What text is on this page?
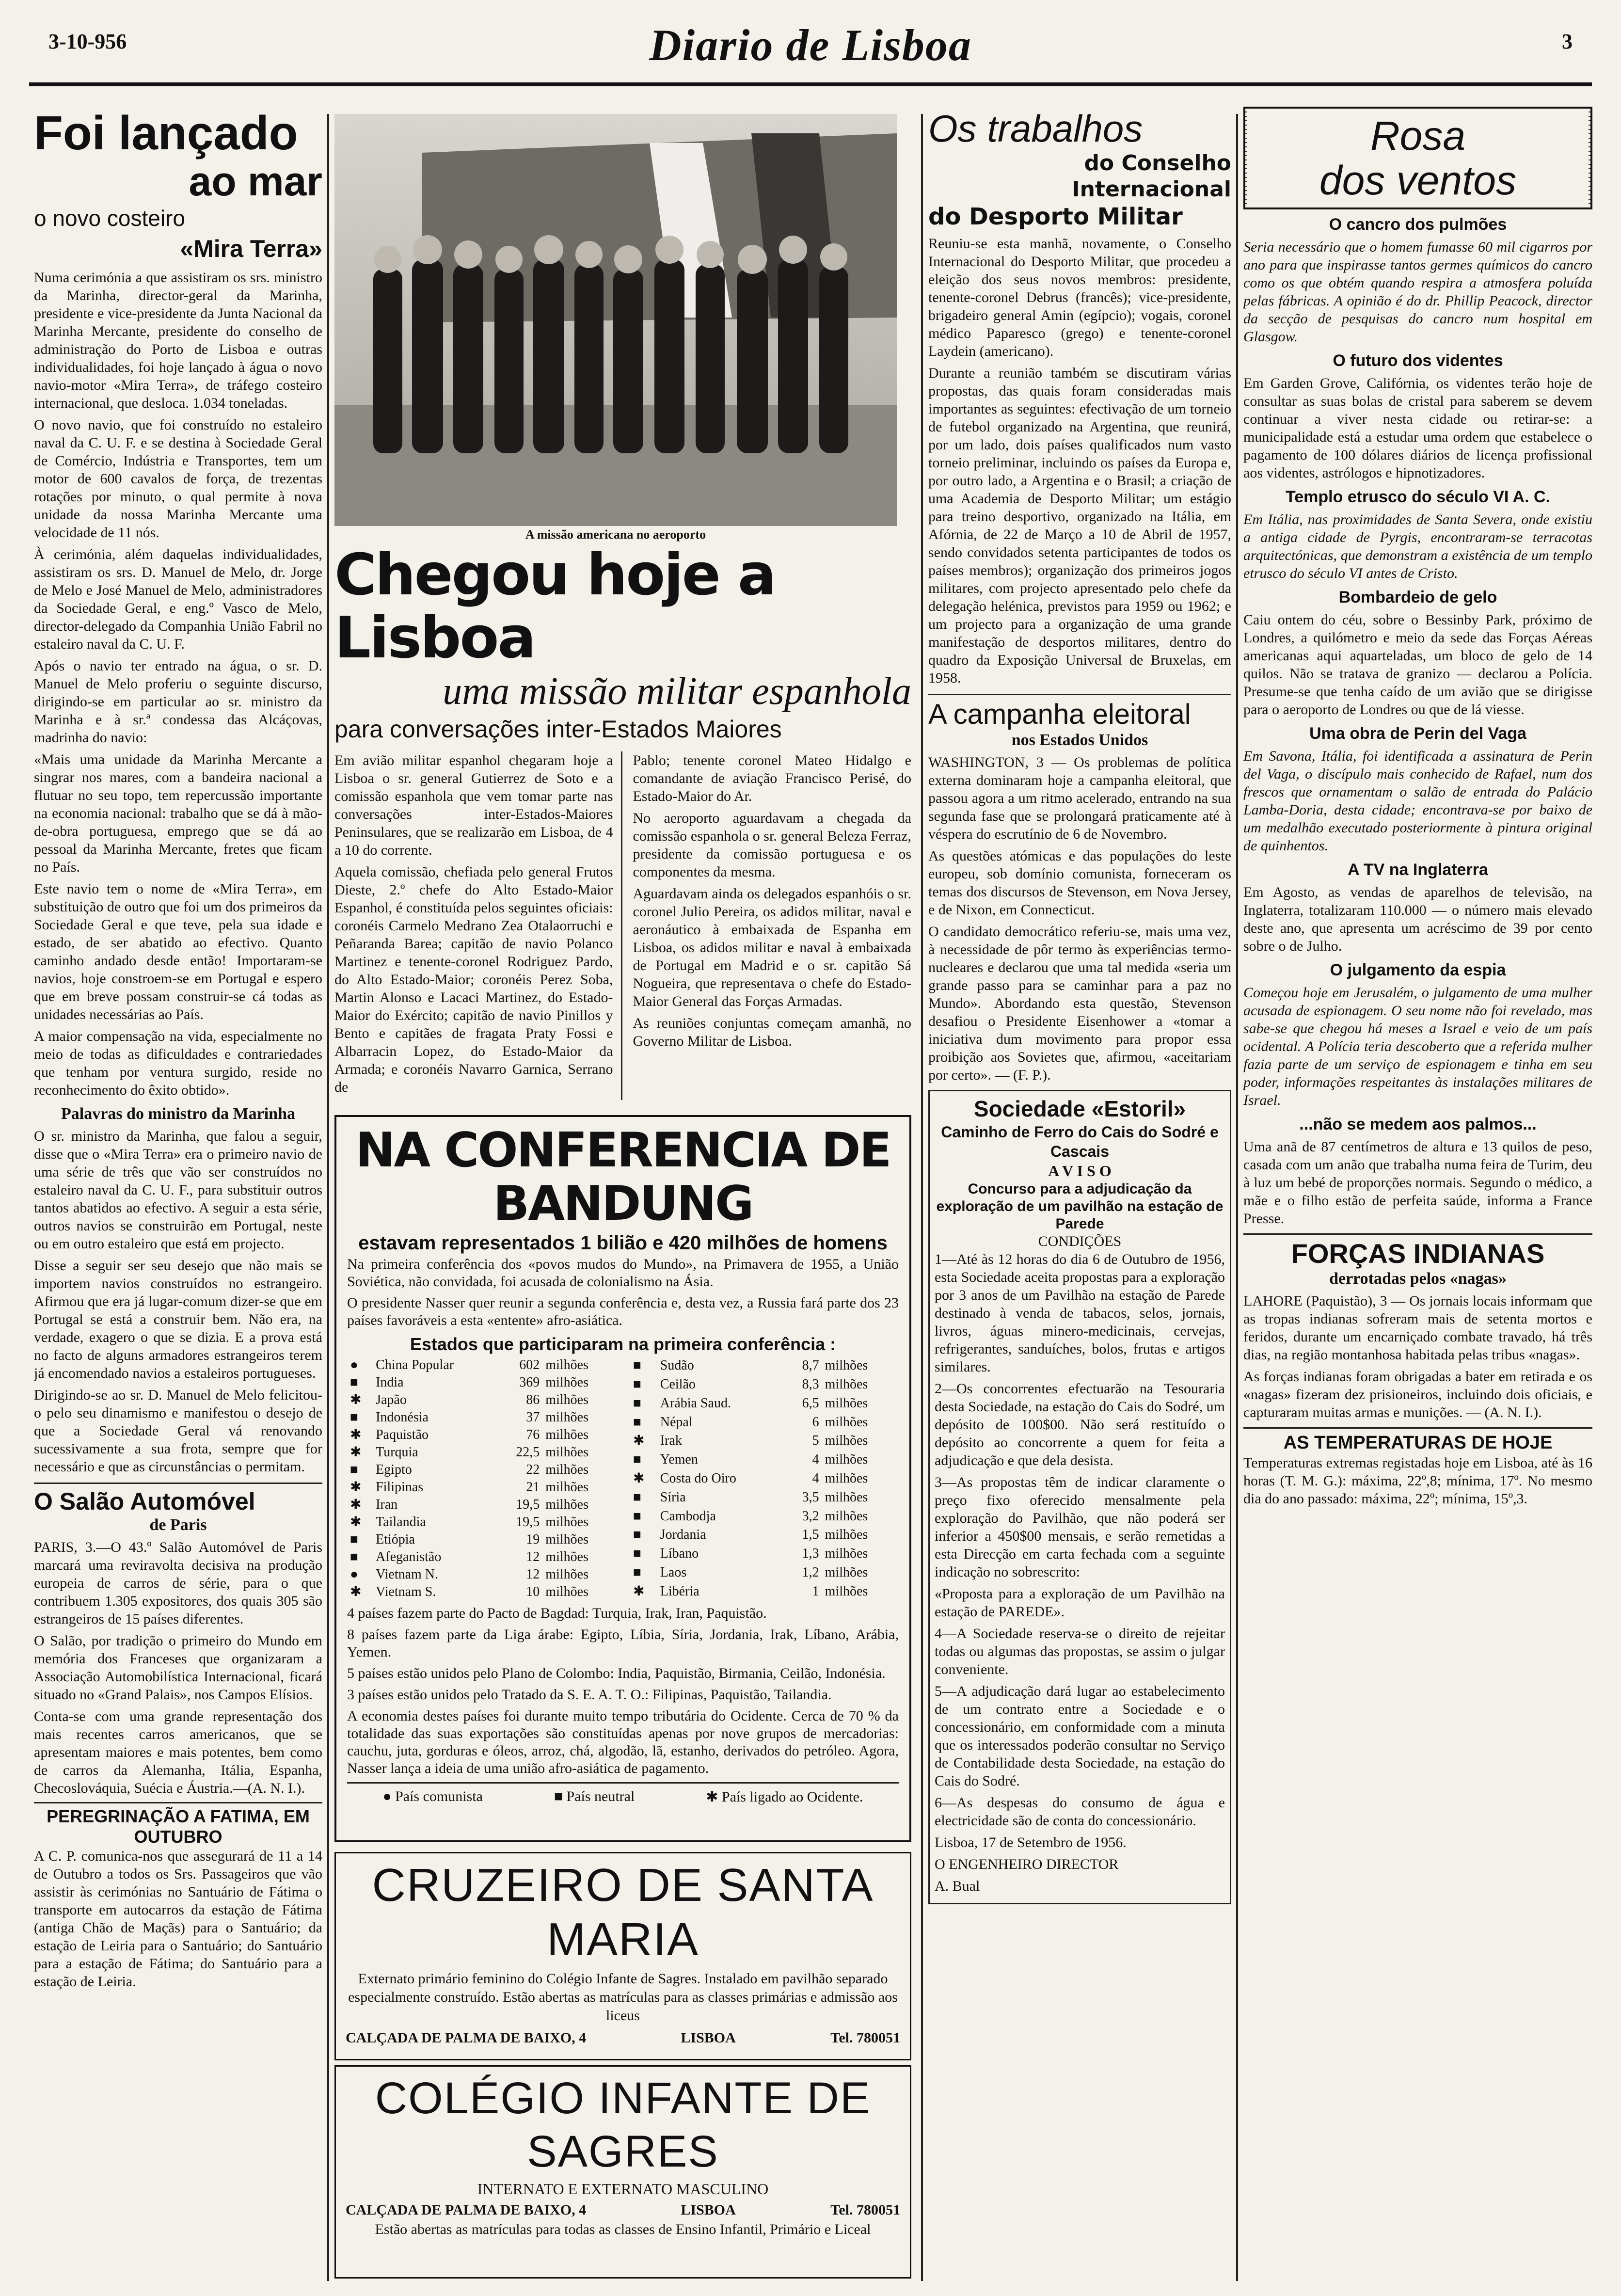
3-10-956	Diario de Lisboa	3
Foi lançado
ao mar
o novo costeiro
«Mira Terra»

Numa cerimónia a que assistiram os srs. ministro da Marinha, director-geral da Marinha, presidente e vice-presidente da Junta Nacional da Marinha Mercante, presidente do conselho de administração do Porto de Lisboa e outras individualidades, foi hoje lançado à água o novo navio-motor «Mira Terra», de tráfego costeiro internacional, que desloca. 1.034 toneladas.

O novo navio, que foi construído no estaleiro naval da C. U. F. e se destina à Sociedade Geral de Comércio, Indústria e Transportes, tem um motor de 600 cavalos de força, de trezentas rotações por minuto, o qual permite à nova unidade da nossa Marinha Mercante uma velocidade de 11 nós.

À cerimónia, além daquelas individualidades, assistiram os srs. D. Manuel de Melo, dr. Jorge de Melo e José Manuel de Melo, administradores da Sociedade Geral, e eng.º Vasco de Melo, director-delegado da Companhia União Fabril no estaleiro naval da C. U. F.

Após o navio ter entrado na água, o sr. D. Manuel de Melo proferiu o seguinte discurso, dirigindo-se em particular ao sr. ministro da Marinha e à sr.ª condessa das Alcáçovas, madrinha do navio:

«Mais uma unidade da Marinha Mercante a singrar nos mares, com a bandeira nacional a flutuar no seu topo, tem repercussão importante na economia nacional: trabalho que se dá à mão-de-obra portuguesa, emprego que se dá ao pessoal da Marinha Mercante, fretes que ficam no País.

Este navio tem o nome de «Mira Terra», em substituição de outro que foi um dos primeiros da Sociedade Geral e que teve, pela sua idade e estado, de ser abatido ao efectivo. Quanto caminho andado desde então! Importaram-se navios, hoje constroem-se em Portugal e espero que em breve possam construir-se cá todas as unidades necessárias ao País.

A maior compensação na vida, especialmente no meio de todas as dificuldades e contrariedades que tenham por ventura surgido, reside no reconhecimento do êxito obtido».

Palavras do ministro da Marinha

O sr. ministro da Marinha, que falou a seguir, disse que o «Mira Terra» era o primeiro navio de uma série de três que vão ser construídos no estaleiro naval da C. U. F., para substituir outros tantos abatidos ao efectivo. A seguir a esta série, outros navios se construirão em Portugal, neste ou em outro estaleiro que está em projecto.

Disse a seguir ser seu desejo que não mais se importem navios construídos no estrangeiro. Afirmou que era já lugar-comum dizer-se que em Portugal se está a construir bem. Não era, na verdade, exagero o que se dizia. E a prova está no facto de alguns armadores estrangeiros terem já encomendado navios a estaleiros portugueses.

Dirigindo-se ao sr. D. Manuel de Melo felicitou-o pelo seu dinamismo e manifestou o desejo de que a Sociedade Geral vá renovando sucessivamente a sua frota, sempre que for necessário e que as circunstâncias o permitam.

O Salão Automóvel
de Paris

PARIS, 3.—O 43.º Salão Automóvel de Paris marcará uma reviravolta decisiva na produção europeia de carros de série, para o que contribuem 1.305 expositores, dos quais 305 são estrangeiros de 15 países diferentes.

O Salão, por tradição o primeiro do Mundo em memória dos Franceses que organizaram a Associação Automobilística Internacional, ficará situado no «Grand Palais», nos Campos Elísios.

Conta-se com uma grande representação dos mais recentes carros americanos, que se apresentam maiores e mais potentes, bem como de carros da Alemanha, Itália, Espanha, Checoslováquia, Suécia e Áustria.—(A. N. I.).

PEREGRINAÇÃO A FATIMA, EM OUTUBRO
A C. P. comunica-nos que assegurará de 11 a 14 de Outubro a todos os Srs. Passageiros que vão assistir às cerimónias no Santuário de Fátima o transporte em autocarros da estação de Fátima (antiga Chão de Maçãs) para o Santuário; da estação de Leiria para o Santuário; do Santuário para a estação de Fátima; do Santuário para a estação de Leiria.
A missão americana no aeroporto
Chegou hoje a Lisboa
uma missão militar espanhola
para conversações inter-Estados Maiores

Em avião militar espanhol chegaram hoje a Lisboa o sr. general Gutierrez de Soto e a comissão espanhola que vem tomar parte nas conversações inter-Estados-Maiores Peninsulares, que se realizarão em Lisboa, de 4 a 10 do corrente.

Aquela comissão, chefiada pelo general Frutos Dieste, 2.º chefe do Alto Estado-Maior Espanhol, é constituída pelos seguintes oficiais: coronéis Carmelo Medrano Zea Otalaorruchi e Peñaranda Barea; capitão de navio Polanco Martinez e tenente-coronel Rodriguez Pardo, do Alto Estado-Maior; coronéis Perez Soba, Martin Alonso e Lacaci Martinez, do Estado-Maior do Exército; capitão de navio Pinillos y Bento e capitães de fragata Praty Fossi e Albarracin Lopez, do Estado-Maior da Armada; e coronéis Navarro Garnica, Serrano de

Pablo; tenente coronel Mateo Hidalgo e comandante de aviação Francisco Perisé, do Estado-Maior do Ar.

No aeroporto aguardavam a chegada da comissão espanhola o sr. general Beleza Ferraz, presidente da comissão portuguesa e os componentes da mesma.

Aguardavam ainda os delegados espanhóis o sr. coronel Julio Pereira, os adidos militar, naval e aeronáutico à embaixada de Espanha em Lisboa, os adidos militar e naval à embaixada de Portugal em Madrid e o sr. capitão Sá Nogueira, que representava o chefe do Estado-Maior General das Forças Armadas.

As reuniões conjuntas começam amanhã, no Governo Militar de Lisboa.

NA CONFERENCIA DE BANDUNG
estavam representados 1 bilião e 420 milhões de homens

Na primeira conferência dos «povos mudos do Mundo», na Primavera de 1955, a União Soviética, não convidada, foi acusada de colonialismo na Ásia.

O presidente Nasser quer reunir a segunda conferência e, desta vez, a Russia fará parte dos 23 países favoráveis a esta «entente» afro-asiática.

Estados que participaram na primeira conferência :
●	China Popular	602	milhões
■	India	369	milhões
✱	Japão	86	milhões
■	Indonésia	37	milhões
✱	Paquistão	76	milhões
✱	Turquia	22,5	milhões
■	Egipto	22	milhões
✱	Filipinas	21	milhões
✱	Iran	19,5	milhões
✱	Tailandia	19,5	milhões
■	Etiópia	19	milhões
■	Afeganistão	12	milhões
●	Vietnam N.	12	milhões
✱	Vietnam S.	10	milhões
■	Sudão	8,7	milhões
■	Ceilão	8,3	milhões
■	Arábia Saud.	6,5	milhões
■	Népal	6	milhões
✱	Irak	5	milhões
■	Yemen	4	milhões
✱	Costa do Oiro	4	milhões
■	Síria	3,5	milhões
■	Cambodja	3,2	milhões
■	Jordania	1,5	milhões
■	Líbano	1,3	milhões
■	Laos	1,2	milhões
✱	Libéria	1	milhões

4 países fazem parte do Pacto de Bagdad: Turquia, Irak, Iran, Paquistão.

8 países fazem parte da Liga árabe: Egipto, Líbia, Síria, Jordania, Irak, Líbano, Arábia, Yemen.

5 países estão unidos pelo Plano de Colombo: India, Paquistão, Birmania, Ceilão, Indonésia.

3 países estão unidos pelo Tratado da S. E. A. T. O.: Filipinas, Paquistão, Tailandia.

A economia destes países foi durante muito tempo tributária do Ocidente. Cerca de 70 % da totalidade das suas exportações são constituídas apenas por nove grupos de mercadorias: cauchu, juta, gorduras e óleos, arroz, chá, algodão, lã, estanho, derivados do petróleo. Agora, Nasser lança a ideia de uma união afro-asiática de pagamento.

● País comunista	■ País neutral	✱ País ligado ao Ocidente.
CRUZEIRO DE SANTA MARIA
Externato primário feminino do Colégio Infante de Sagres. Instalado em pavilhão separado especialmente construído. Estão abertas as matrículas para as classes primárias e admissão aos liceus
CALÇADA DE PALMA DE BAIXO, 4	LISBOA	Tel. 780051
COLÉGIO INFANTE DE SAGRES
INTERNATO E EXTERNATO MASCULINO
CALÇADA DE PALMA DE BAIXO, 4	LISBOA	Tel. 780051
Estão abertas as matrículas para todas as classes de Ensino Infantil, Primário e Liceal
Os trabalhos
do Conselho Internacional
do Desporto Militar

Reuniu-se esta manhã, novamente, o Conselho Internacional do Desporto Militar, que procedeu a eleição dos seus novos membros: presidente, tenente-coronel Debrus (francês); vice-presidente, brigadeiro general Amin (egípcio); vogais, coronel médico Paparesco (grego) e tenente-coronel Laydein (americano).

Durante a reunião também se discutiram várias propostas, das quais foram consideradas mais importantes as seguintes: efectivação de um torneio de futebol organizado na Argentina, que reunirá, por um lado, dois países qualificados num vasto torneio preliminar, incluindo os países da Europa e, por outro lado, a Argentina e o Brasil; a criação de uma Academia de Desporto Militar; um estágio para treino desportivo, organizado na Itália, em Afórnia, de 22 de Março a 10 de Abril de 1957, sendo convidados setenta participantes de todos os países membros); organização dos primeiros jogos militares, com projecto apresentado pelo chefe da delegação helénica, previstos para 1959 ou 1962; e um projecto para a organização de uma grande manifestação de desportos militares, dentro do quadro da Exposição Universal de Bruxelas, em 1958.

A campanha eleitoral
nos Estados Unidos

WASHINGTON, 3 — Os problemas de política externa dominaram hoje a campanha eleitoral, que passou agora a um ritmo acelerado, entrando na sua segunda fase que se prolongará praticamente até à véspera do escrutínio de 6 de Novembro.

As questões atómicas e das populações do leste europeu, sob domínio comunista, forneceram os temas dos discursos de Stevenson, em Nova Jersey, e de Nixon, em Connecticut.

O candidato democrático referiu-se, mais uma vez, à necessidade de pôr termo às experiências termo-nucleares e declarou que uma tal medida «seria um grande passo para se caminhar para a paz no Mundo». Abordando esta questão, Stevenson desafiou o Presidente Eisenhower a «tomar a iniciativa dum movimento para propor essa proibição aos Sovietes que, afirmou, «aceitariam por certo». — (F. P.).

Sociedade «Estoril»
Caminho de Ferro do Cais do Sodré e Cascais
A V I S O
Concurso para a adjudicação da exploração de um pavilhão na estação de Parede
CONDIÇÕES

1—Até às 12 horas do dia 6 de Outubro de 1956, esta Sociedade aceita propostas para a exploração por 3 anos de um Pavilhão na estação de Parede destinado à venda de tabacos, selos, jornais, livros, águas minero-medicinais, cervejas, refrigerantes, sanduíches, bolos, frutas e artigos similares.

2—Os concorrentes efectuarão na Tesouraria desta Sociedade, na estação do Cais do Sodré, um depósito de 100$00. Não será restituído o depósito ao concorrente a quem for feita a adjudicação e que dela desista.

3—As propostas têm de indicar claramente o preço fixo oferecido mensalmente pela exploração do Pavilhão, que não poderá ser inferior a 450$00 mensais, e serão remetidas a esta Direcção em carta fechada com a seguinte indicação no sobrescrito:

«Proposta para a exploração de um Pavilhão na estação de PAREDE».

4—A Sociedade reserva-se o direito de rejeitar todas ou algumas das propostas, se assim o julgar conveniente.

5—A adjudicação dará lugar ao estabelecimento de um contrato entre a Sociedade e o concessionário, em conformidade com a minuta que os interessados poderão consultar no Serviço de Contabilidade desta Sociedade, na estação do Cais do Sodré.

6—As despesas do consumo de água e electricidade são de conta do concessionário.

Lisboa, 17 de Setembro de 1956.

O ENGENHEIRO DIRECTOR

A. Bual

Rosa
dos ventos
O cancro dos pulmões

Seria necessário que o homem fumasse 60 mil cigarros por ano para que inspirasse tantos germes químicos do cancro como os que obtém quando respira a atmosfera poluída pelas fábricas. A opinião é do dr. Phillip Peacock, director da secção de pesquisas do cancro num hospital em Glasgow.

O futuro dos videntes

Em Garden Grove, Califórnia, os videntes terão hoje de consultar as suas bolas de cristal para saberem se devem continuar a viver nesta cidade ou retirar-se: a municipalidade está a estudar uma ordem que estabelece o pagamento de 100 dólares diários de licença profissional aos videntes, astrólogos e hipnotizadores.

Templo etrusco do século VI A. C.

Em Itália, nas proximidades de Santa Severa, onde existiu a antiga cidade de Pyrgis, encontraram-se terracotas arquitectónicas, que demonstram a existência de um templo etrusco do século VI antes de Cristo.

Bombardeio de gelo

Caiu ontem do céu, sobre o Bessinby Park, próximo de Londres, a quilómetro e meio da sede das Forças Aéreas americanas aqui aquarteladas, um bloco de gelo de 14 quilos. Não se tratava de granizo — declarou a Polícia. Presume-se que tenha caído de um avião que se dirigisse para o aeroporto de Londres ou que de lá viesse.

Uma obra de Perin del Vaga

Em Savona, Itália, foi identificada a assinatura de Perin del Vaga, o discípulo mais conhecido de Rafael, num dos frescos que ornamentam o salão de entrada do Palácio Lamba-Doria, desta cidade; encontrava-se por baixo de um medalhão executado posteriormente à pintura original de quinhentos.

A TV na Inglaterra

Em Agosto, as vendas de aparelhos de televisão, na Inglaterra, totalizaram 110.000 — o número mais elevado deste ano, que apresenta um acréscimo de 39 por cento sobre o de Julho.

O julgamento da espia

Começou hoje em Jerusalém, o julgamento de uma mulher acusada de espionagem. O seu nome não foi revelado, mas sabe-se que chegou há meses a Israel e veio de um país ocidental. A Polícia teria descoberto que a referida mulher fazia parte de um serviço de espionagem e tinha em seu poder, informações respeitantes às instalações militares de Israel.

...não se medem aos palmos...

Uma anã de 87 centímetros de altura e 13 quilos de peso, casada com um anão que trabalha numa feira de Turim, deu à luz um bebé de proporções normais. Segundo o médico, a mãe e o filho estão de perfeita saúde, informa a France Presse.

FORÇAS INDIANAS
derrotadas pelos «nagas»

LAHORE (Paquistão), 3 — Os jornais locais informam que as tropas indianas sofreram mais de setenta mortos e feridos, durante um encarniçado combate travado, há três dias, na região montanhosa habitada pelas tribus «nagas».

As forças indianas foram obrigadas a bater em retirada e os «nagas» fizeram dez prisioneiros, incluindo dois oficiais, e capturaram muitas armas e munições. — (A. N. I.).

AS TEMPERATURAS DE HOJE
Temperaturas extremas registadas hoje em Lisboa, até às 16 horas (T. M. G.): máxima, 22º,8; mínima, 17º. No mesmo dia do ano passado: máxima, 22º; mínima, 15º,3.
